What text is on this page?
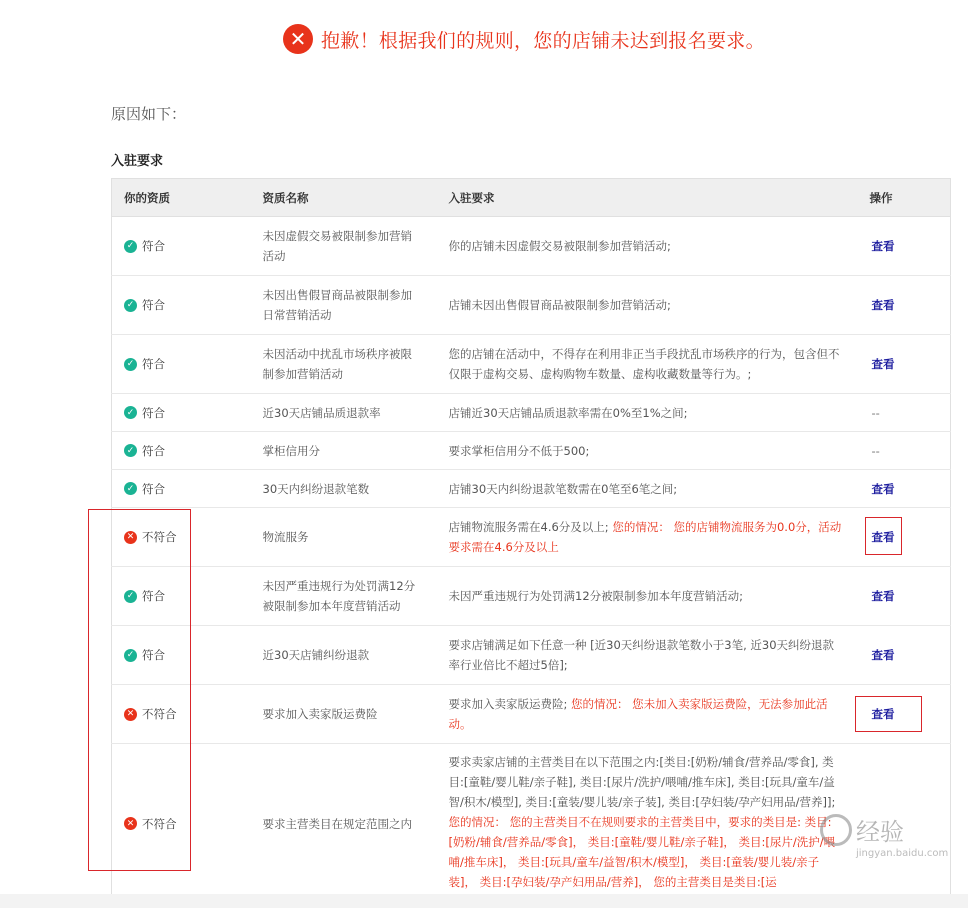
✕ 抱歉！根据我们的规则，您的店铺未达到报名要求。
原因如下：
入驻要求
你的资质	资质名称	入驻要求	操作

✓ 符合	未因虚假交易被限制参加营销活动	你的店铺未因虚假交易被限制参加营销活动;	查看

✓ 符合	未因出售假冒商品被限制参加日常营销活动	店铺未因出售假冒商品被限制参加营销活动;	查看

✓ 符合	未因活动中扰乱市场秩序被限制参加营销活动	您的店铺在活动中，不得存在利用非正当手段扰乱市场秩序的行为，包含但不仅限于虚构交易、虚构购物车数量、虚构收藏数量等行为。;	查看

✓ 符合	近30天店铺品质退款率	店铺近30天店铺品质退款率需在0%至1%之间;	--

✓ 符合	掌柜信用分	要求掌柜信用分不低于500;	--

✓ 符合	30天内纠纷退款笔数	店铺30天内纠纷退款笔数需在0笔至6笔之间;	查看

✕ 不符合	物流服务	店铺物流服务需在4.6分及以上; 您的情况： 您的店铺物流服务为0.0分，活动要求需在4.6分及以上	查看

✓ 符合	未因严重违规行为处罚满12分被限制参加本年度营销活动	未因严重违规行为处罚满12分被限制参加本年度营销活动;	查看

✓ 符合	近30天店铺纠纷退款	要求店铺满足如下任意一种 [近30天纠纷退款笔数小于3笔, 近30天纠纷退款率行业倍比不超过5倍];	查看

✕ 不符合	要求加入卖家版运费险	要求加入卖家版运费险; 您的情况： 您未加入卖家版运费险，无法参加此活动。	查看

✕ 不符合	要求主营类目在规定范围之内	要求卖家店铺的主营类目在以下范围之内:[类目:[奶粉/辅食/营养品/零食], 类目:[童鞋/婴儿鞋/亲子鞋], 类目:[尿片/洗护/喂哺/推车床], 类目:[玩具/童车/益智/积木/模型], 类目:[童装/婴儿装/亲子装], 类目:[孕妇装/孕产妇用品/营养]]; 您的情况： 您的主营类目不在规则要求的主营类目中，要求的类目是: 类目:[奶粉/辅食/营养品/零食]， 类目:[童鞋/婴儿鞋/亲子鞋]， 类目:[尿片/洗护/喂哺/推车床]， 类目:[玩具/童车/益智/积木/模型]， 类目:[童装/婴儿装/亲子装]， 类目:[孕妇装/孕产妇用品/营养]， 您的主营类目是类目:[运	
经验
jingyan.baidu.com
